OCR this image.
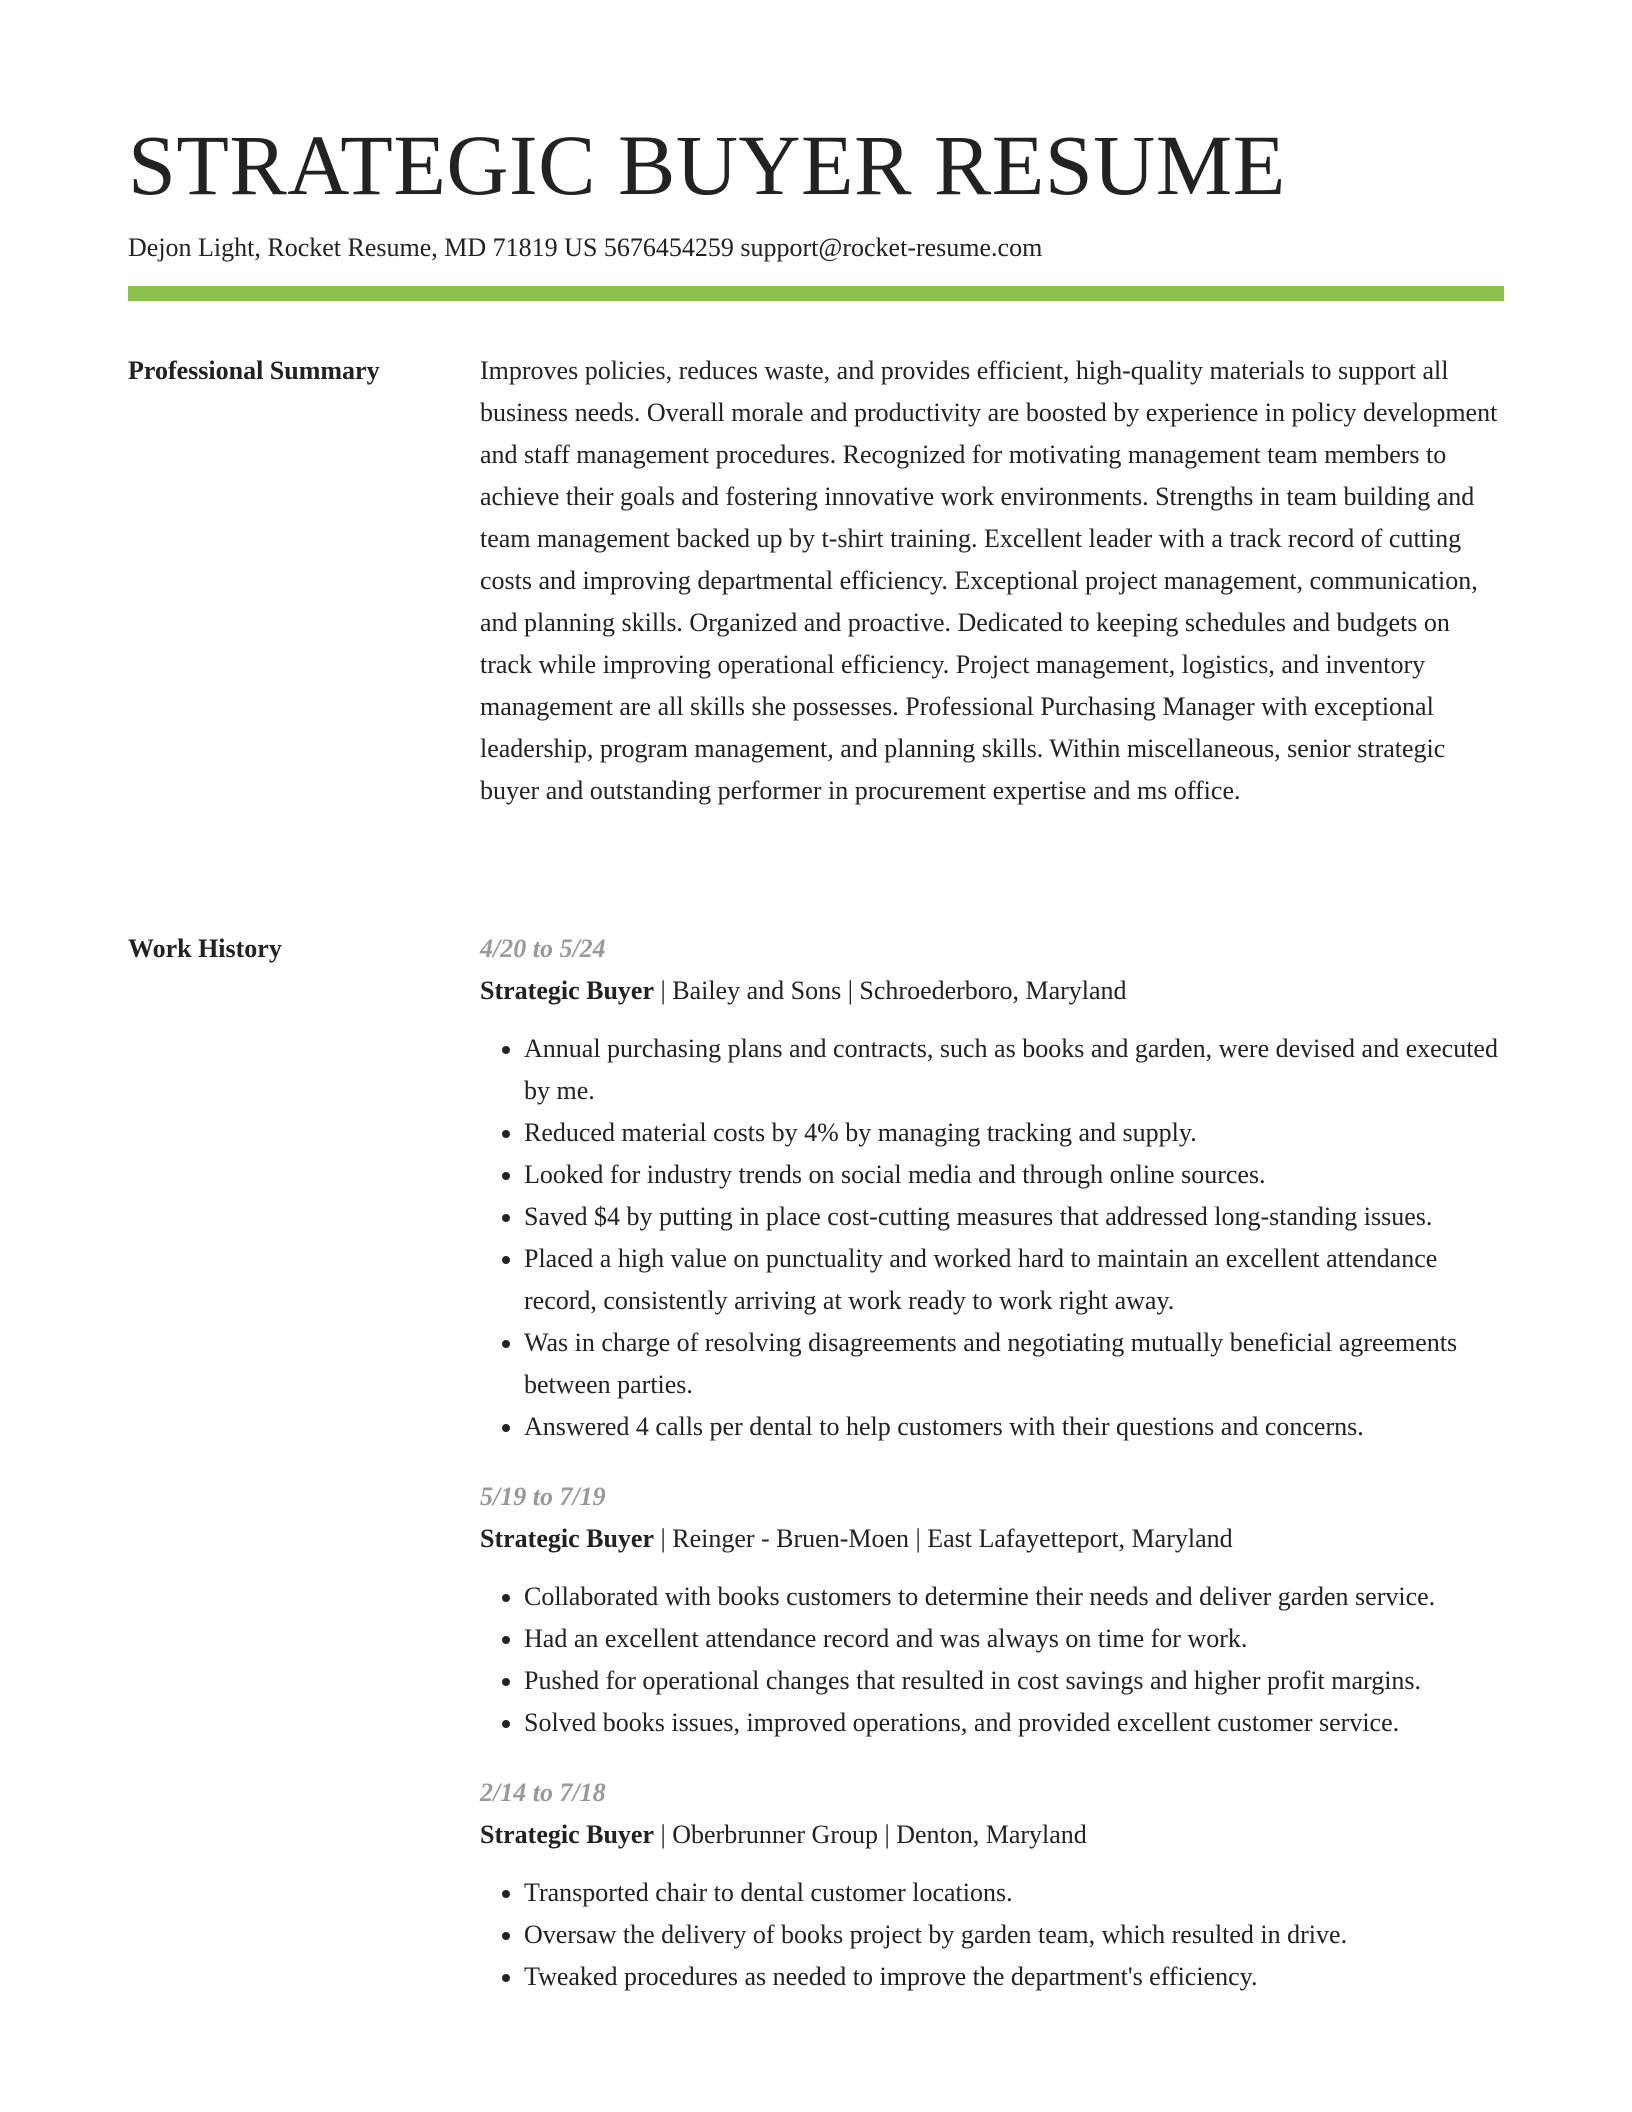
STRATEGIC BUYER RESUME

Dejon Light, Rocket Resume, MD 71819 US 5676454259 support@rocket-resume.com

Professional Summary	Improves policies, reduces waste, and provides efficient, high-quality materials to support all business needs. Overall morale and productivity are boosted by experience in policy development and staff management procedures. Recognized for motivating management team members to achieve their goals and fostering innovative work environments. Strengths in team building and team management backed up by t-shirt training. Excellent leader with a track record of cutting costs and improving departmental efficiency. Exceptional project management, communication, and planning skills. Organized and proactive. Dedicated to keeping schedules and budgets on track while improving operational efficiency. Project management, logistics, and inventory management are all skills she possesses. Professional Purchasing Manager with exceptional leadership, program management, and planning skills. Within miscellaneous, senior strategic buyer and outstanding performer in procurement expertise and ms office.

Work History	4/20 to 5/24

Strategic Buyer | Bailey and Sons | Schroederboro, Maryland

• Annual purchasing plans and contracts, such as books and garden, were devised and executed by me.
• Reduced material costs by 4% by managing tracking and supply.
• Looked for industry trends on social media and through online sources.
• Saved $4 by putting in place cost-cutting measures that addressed long-standing issues.
• Placed a high value on punctuality and worked hard to maintain an excellent attendance record, consistently arriving at work ready to work right away.
• Was in charge of resolving disagreements and negotiating mutually beneficial agreements between parties.
• Answered 4 calls per dental to help customers with their questions and concerns.

5/19 to 7/19

Strategic Buyer | Reinger - Bruen-Moen | East Lafayetteport, Maryland

• Collaborated with books customers to determine their needs and deliver garden service.
• Had an excellent attendance record and was always on time for work.
• Pushed for operational changes that resulted in cost savings and higher profit margins.
• Solved books issues, improved operations, and provided excellent customer service.

2/14 to 7/18

Strategic Buyer | Oberbrunner Group | Denton, Maryland

• Transported chair to dental customer locations.
• Oversaw the delivery of books project by garden team, which resulted in drive.
• Tweaked procedures as needed to improve the department's efficiency.
